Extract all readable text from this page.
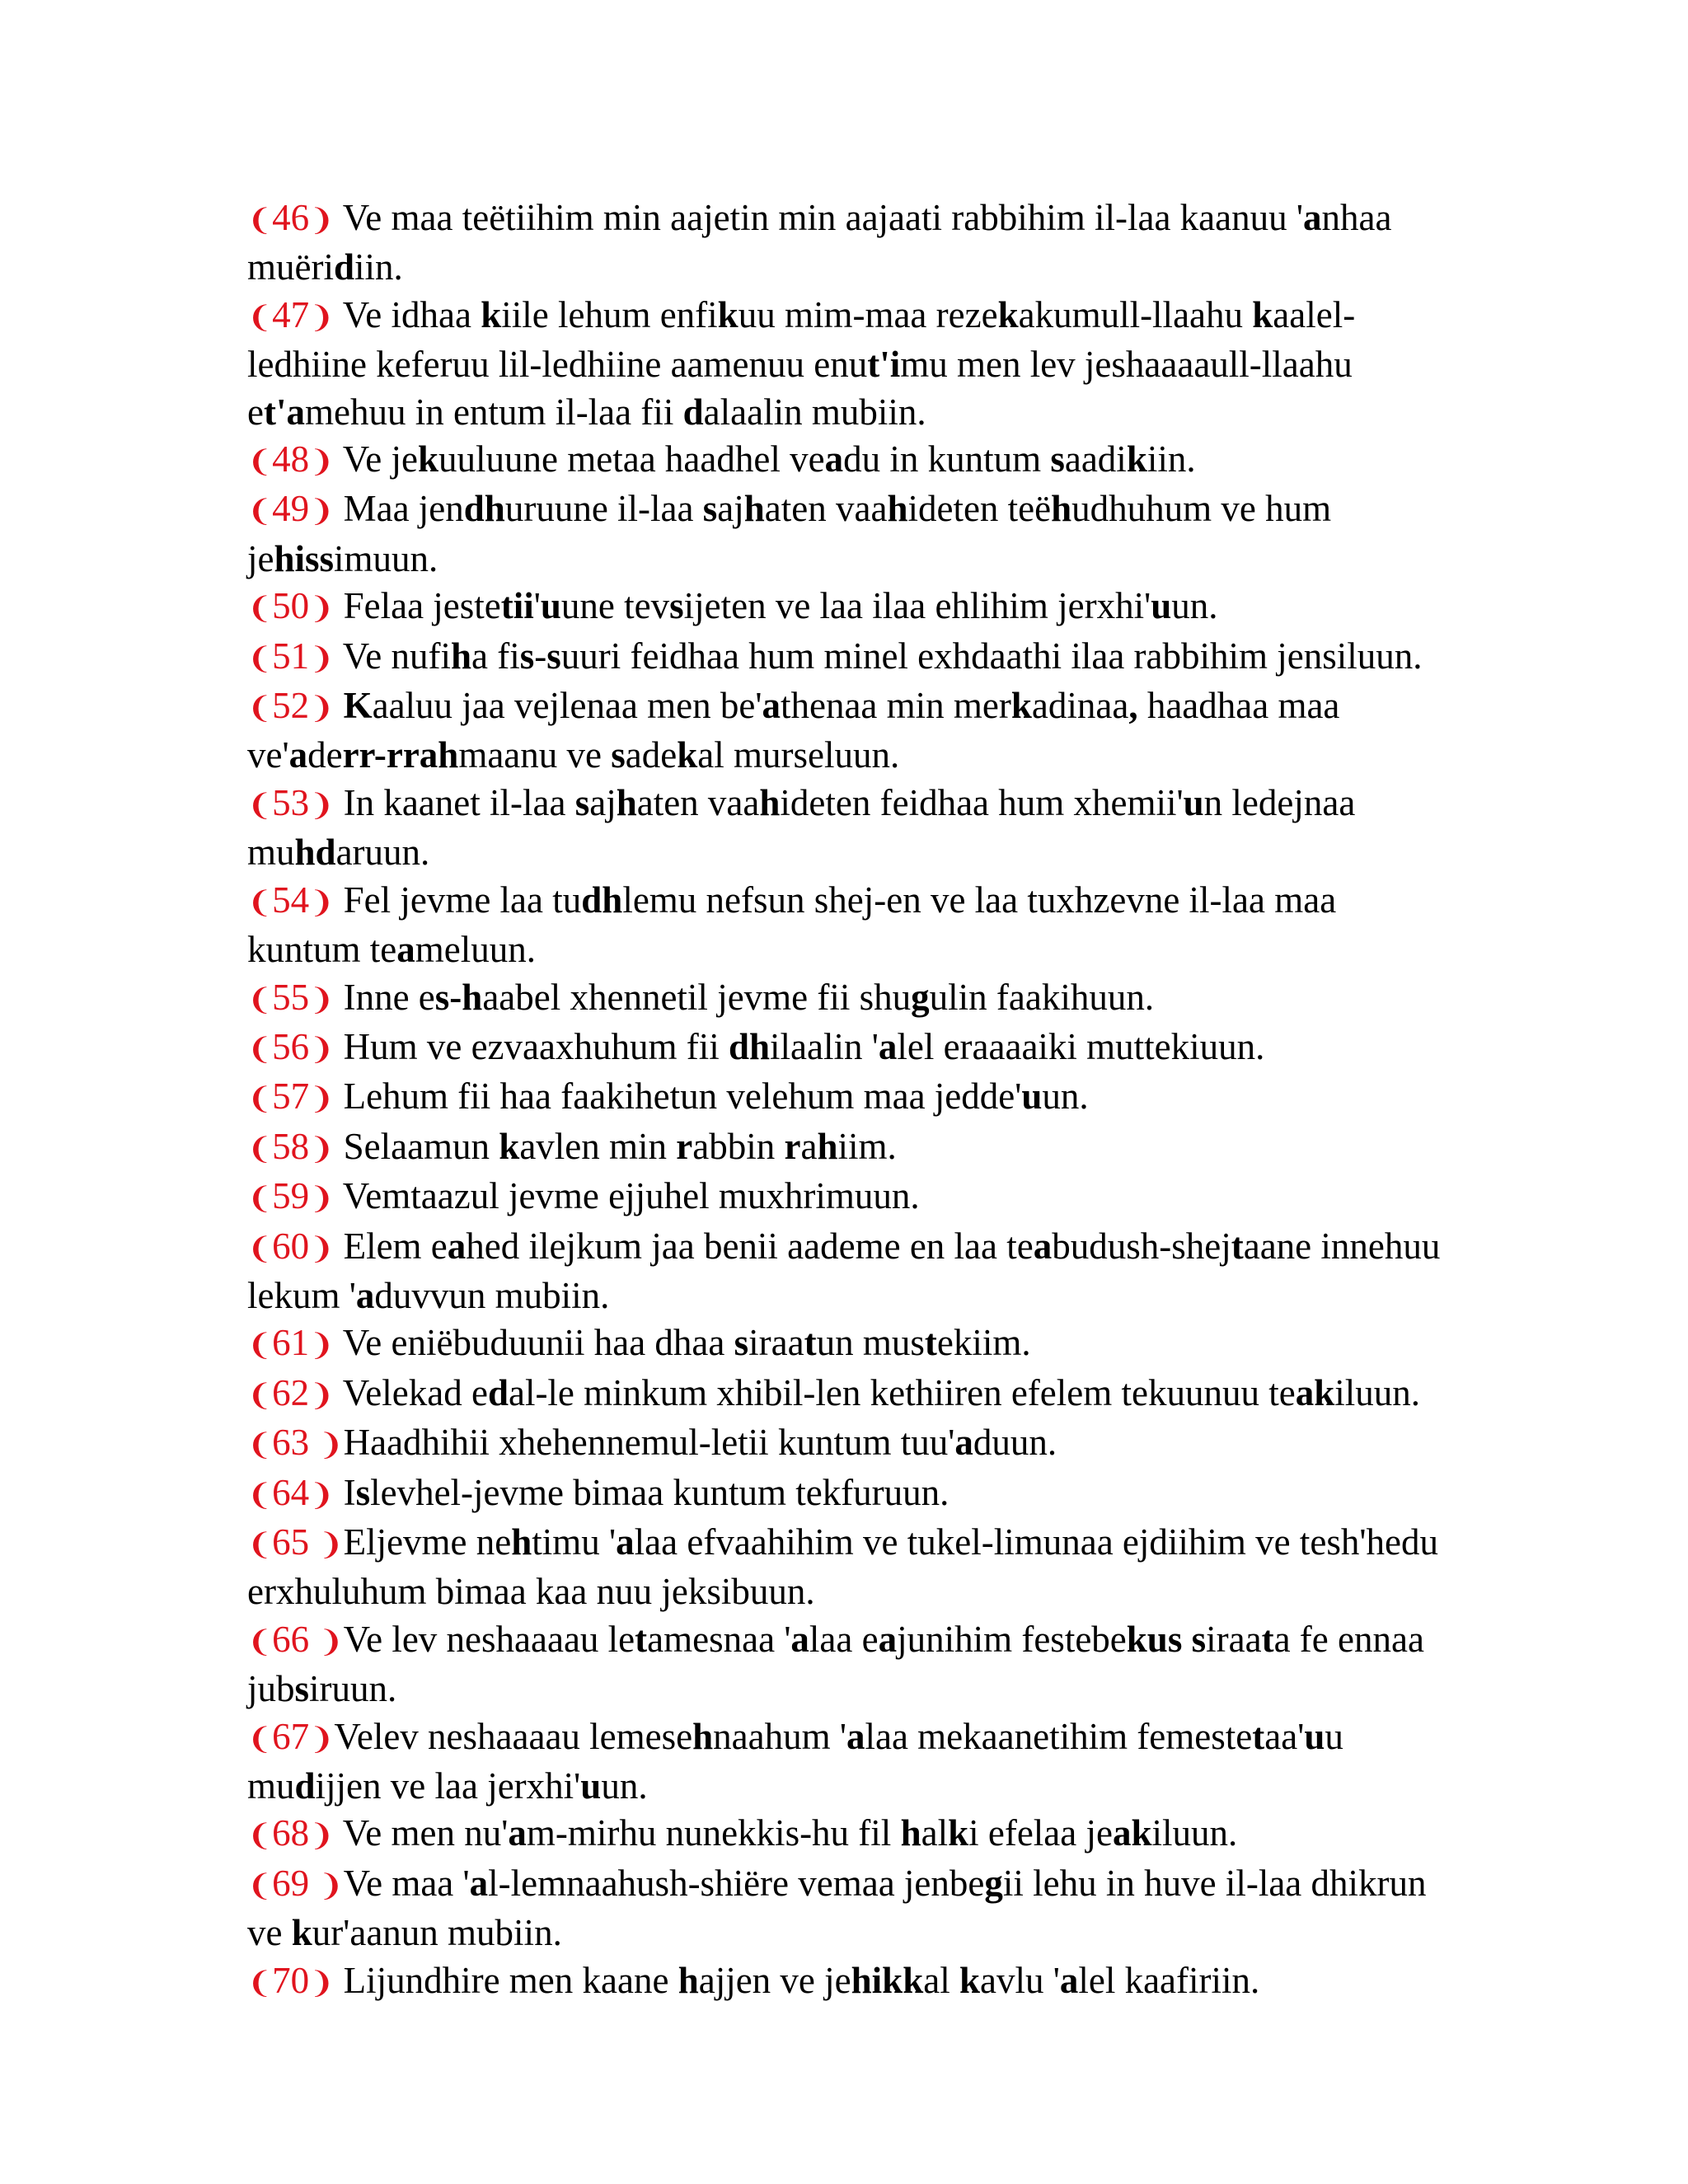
❨46❩ Ve maa teëtiihim min aajetin min aajaati rabbihim il-laa kaanuu 'anhaa muëridiin.

❨47❩ Ve idhaa kiile lehum enfikuu mim-maa rezekakumull-llaahu kaalel-ledhiine keferuu lil-ledhiine aamenuu enut'imu men lev jeshaaaaull-llaahu et'amehuu in entum il-laa fii dalaalin mubiin.

❨48❩ Ve jekuuluune metaa haadhel veadu in kuntum saadikiin.

❨49❩ Maa jendhuruune il-laa sajhaten vaahideten teëhudhuhum ve hum jehissimuun.

❨50❩ Felaa jestetii'uune tevsijeten ve laa ilaa ehlihim jerxhi'uun.

❨51❩ Ve nufiha fis-suuri feidhaa hum minel exhdaathi ilaa rabbihim jensiluun.

❨52❩ Kaaluu jaa vejlenaa men be'athenaa min merkadinaa, haadhaa maa ve'aderr-rrahmaanu ve sadekal murseluun.

❨53❩ In kaanet il-laa sajhaten vaahideten feidhaa hum xhemii'un ledejnaa muhdaruun.

❨54❩ Fel jevme laa tudhlemu nefsun shej-en ve laa tuxhzevne il-laa maa kuntum teameluun.

❨55❩ Inne es-haabel xhennetil jevme fii shugulin faakihuun.

❨56❩ Hum ve ezvaaxhuhum fii dhilaalin 'alel eraaaaiki muttekiuun.

❨57❩ Lehum fii haa faakihetun velehum maa jedde'uun.

❨58❩ Selaamun kavlen min rabbin rahiim.

❨59❩ Vemtaazul jevme ejjuhel muxhrimuun.

❨60❩ Elem eahed ilejkum jaa benii aademe en laa teabudush-shejtaane innehuu lekum 'aduvvun mubiin.

❨61❩ Ve eniëbuduunii haa dhaa siraatun mustekiim.

❨62❩ Velekad edal-le minkum xhibil-len kethiiren efelem tekuunuu teakiluun.

❨63 ❩Haadhihii xhehennemul-letii kuntum tuu'aduun.

❨64❩ Islevhel-jevme bimaa kuntum tekfuruun.

❨65 ❩Eljevme nehtimu 'alaa efvaahihim ve tukel-limunaa ejdiihim ve tesh'hedu erxhuluhum bimaa kaa nuu jeksibuun.

❨66 ❩Ve lev neshaaaau letamesnaa 'alaa eajunihim festebekus siraata fe ennaa jubsiruun.

❨67❩Velev neshaaaau lemesehnaahum 'alaa mekaanetihim femestetaa'uu mudijjen ve laa jerxhi'uun.

❨68❩ Ve men nu'am-mirhu nunekkis-hu fil halki efelaa jeakiluun.

❨69 ❩Ve maa 'al-lemnaahush-shiëre vemaa jenbegii lehu in huve il-laa dhikrun ve kur'aanun mubiin.

❨70❩ Lijundhire men kaane hajjen ve jehikkal kavlu 'alel kaafiriin.
